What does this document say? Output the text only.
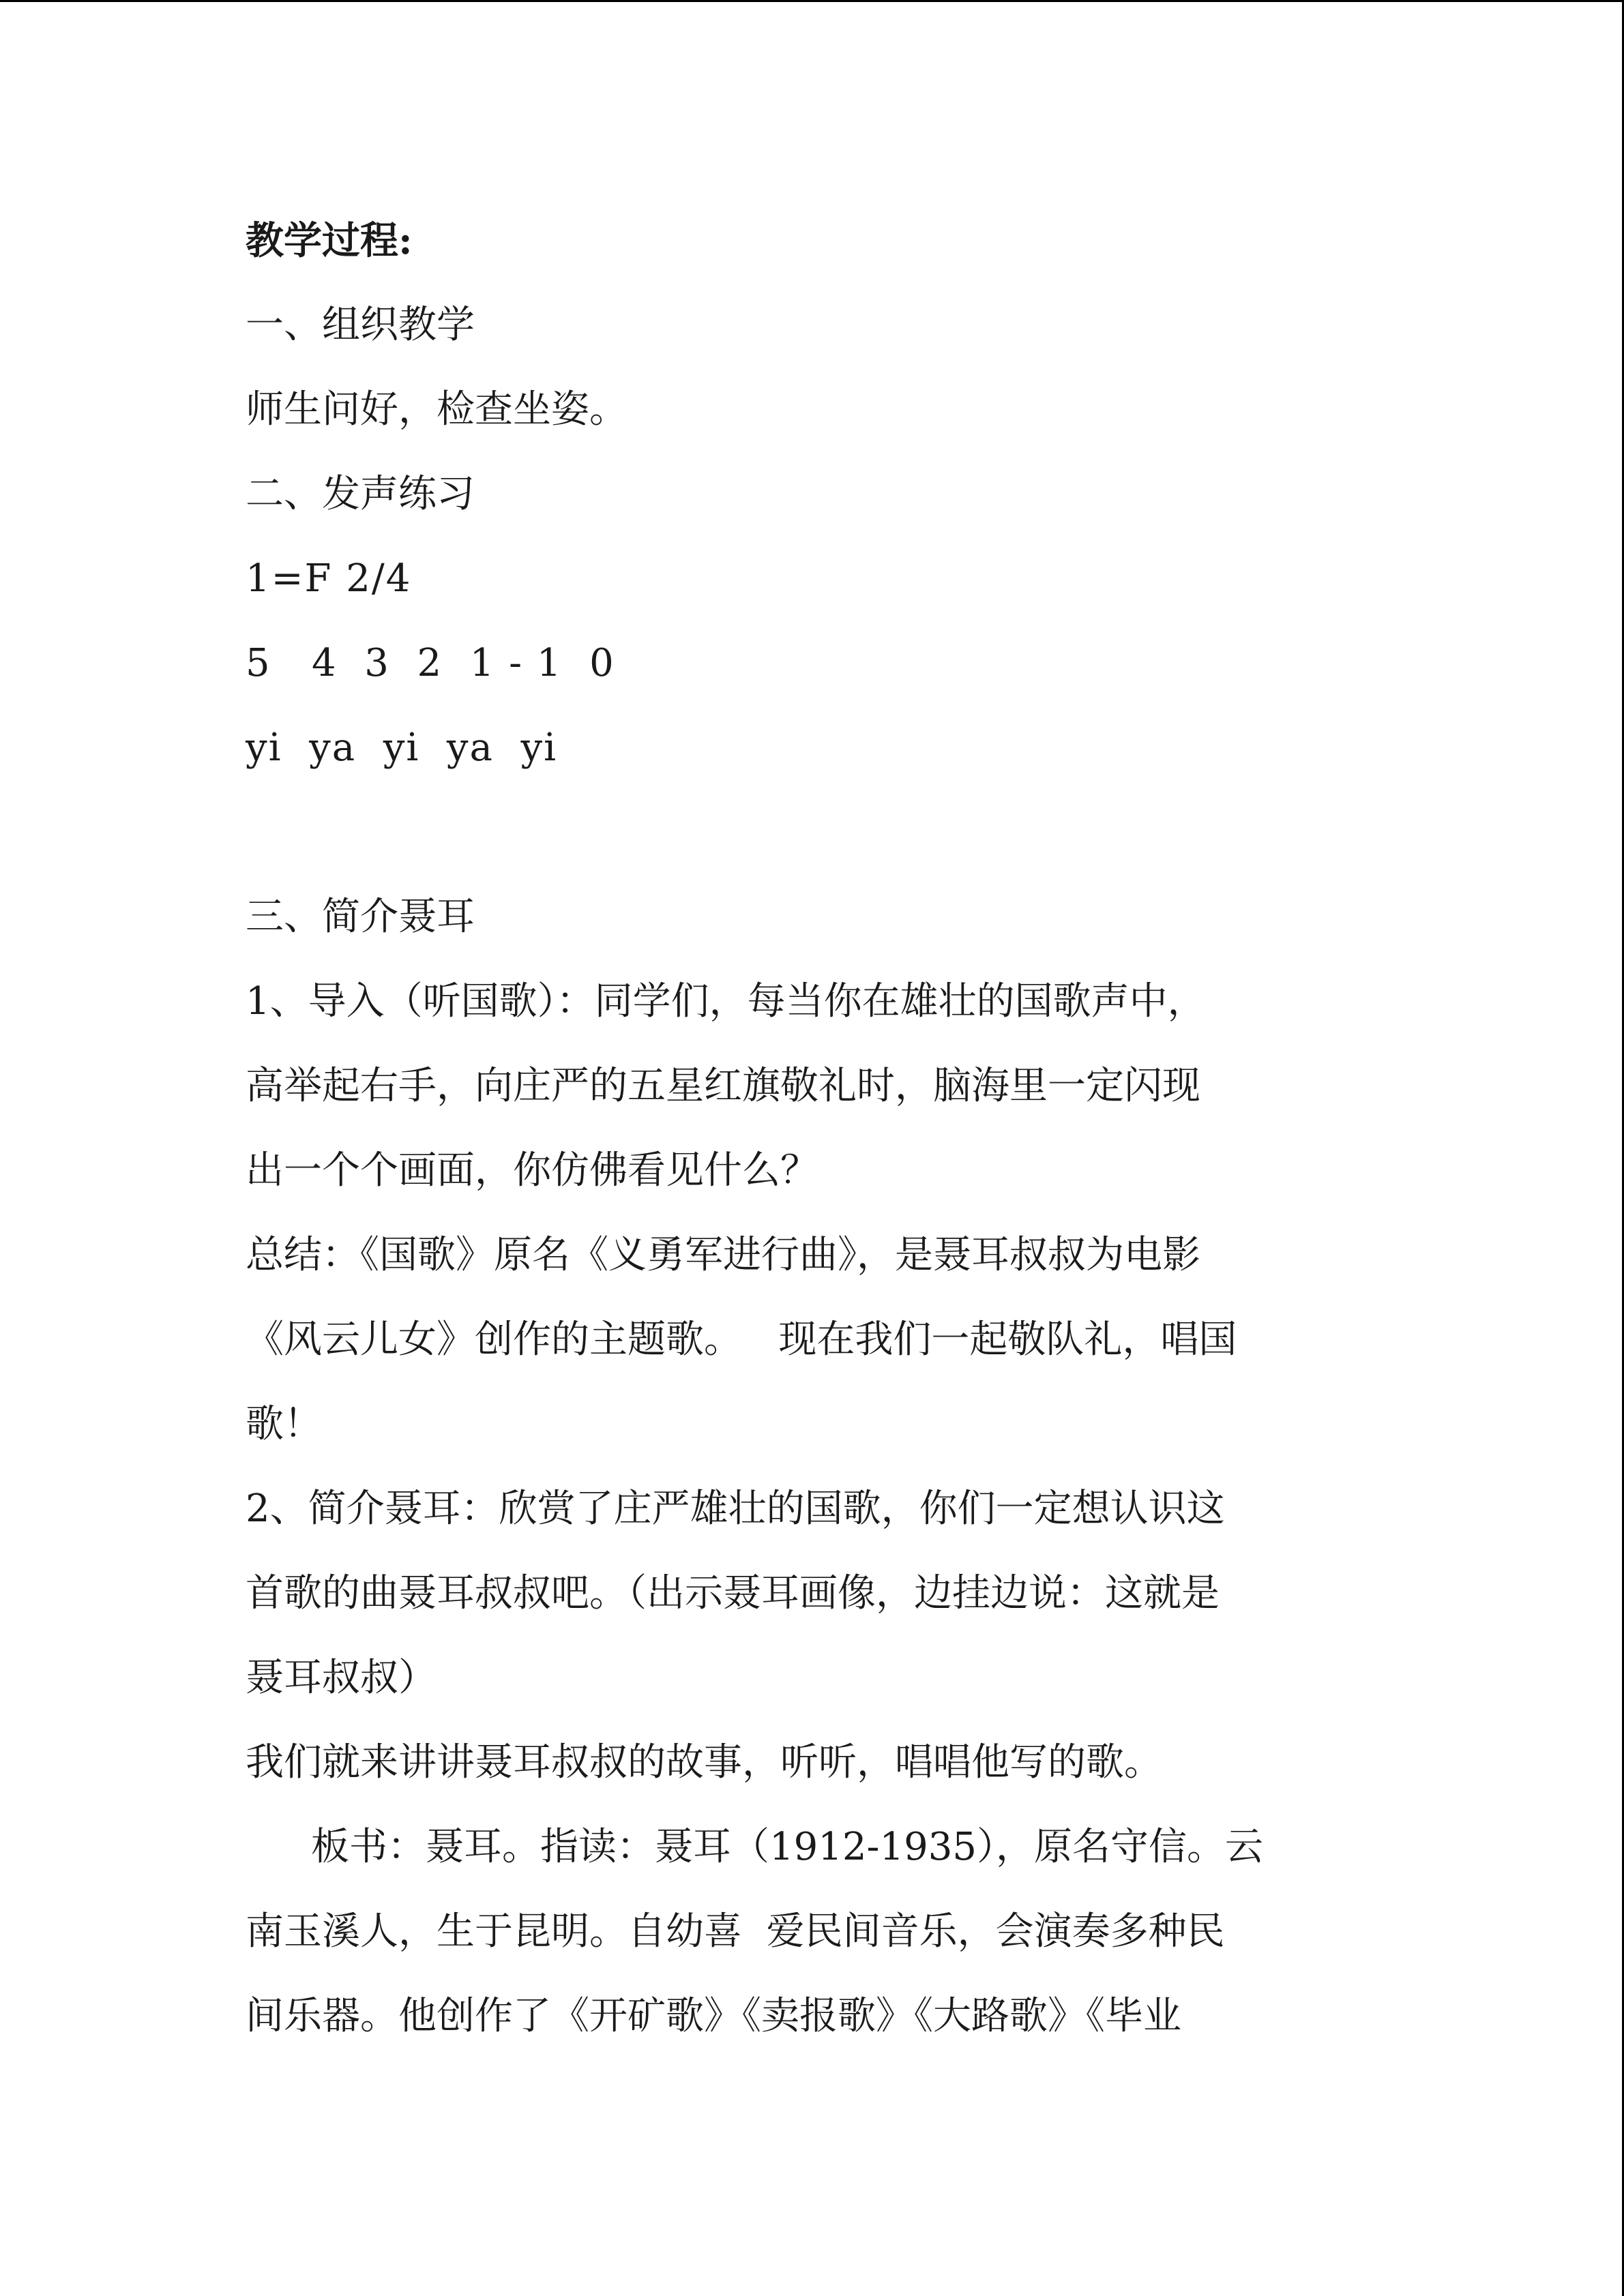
教学过程:
一、组织教学
师生问好，检查坐姿。
二、发声练习
1=F 2/4
5   4  3  2  1 - 1  0
yi  ya  yi  ya  yi
三、简介聂耳
1、导入（听国歌）：同学们，每当你在雄壮的国歌声中，
高举起右手，向庄严的五星红旗敬礼时，脑海里一定闪现
出一个个画面，你仿佛看见什么？
总结：《国歌》原名《义勇军进行曲》，是聂耳叔叔为电影
《风云儿女》创作的主题歌。   现在我们一起敬队礼，唱国
歌！
2、简介聂耳：欣赏了庄严雄壮的国歌，你们一定想认识这
首歌的曲聂耳叔叔吧。（出示聂耳画像，边挂边说：这就是
聂耳叔叔）
我们就来讲讲聂耳叔叔的故事，听听，唱唱他写的歌。
板书：聂耳。指读：聂耳（1912-1935），原名守信。云
南玉溪人，生于昆明。自幼喜  爱民间音乐，会演奏多种民
间乐器。他创作了《开矿歌》《卖报歌》《大路歌》《毕业
